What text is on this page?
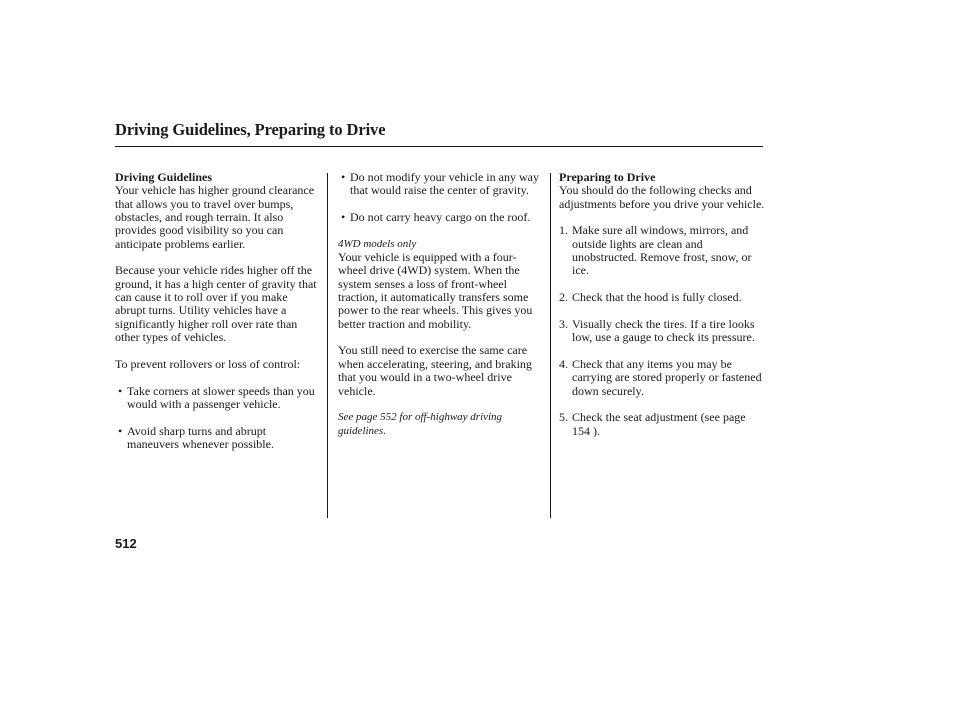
Driving Guidelines, Preparing to Drive
Driving Guidelines

Your vehicle has higher ground clearance that allows you to travel over bumps, obstacles, and rough terrain. It also provides good visibility so you can anticipate problems earlier.

Because your vehicle rides higher off the ground, it has a high center of gravity that can cause it to roll over if you make abrupt turns. Utility vehicles have a significantly higher roll over rate than other types of vehicles.

To prevent rollovers or loss of control:

• Take corners at slower speeds than you would with a passenger vehicle.
• Avoid sharp turns and abrupt maneuvers whenever possible.
• Do not modify your vehicle in any way that would raise the center of gravity.
• Do not carry heavy cargo on the roof.
4WD models only

Your vehicle is equipped with a four-wheel drive (4WD) system. When the system senses a loss of front-wheel traction, it automatically transfers some power to the rear wheels. This gives you better traction and mobility.

You still need to exercise the same care when accelerating, steering, and braking that you would in a two-wheel drive vehicle.

See page 552 for off-highway driving guidelines.

Preparing to Drive

You should do the following checks and adjustments before you drive your vehicle.

1. Make sure all windows, mirrors, and outside lights are clean and unobstructed. Remove frost, snow, or ice.
2. Check that the hood is fully closed.
3. Visually check the tires. If a tire looks low, use a gauge to check its pressure.
4. Check that any items you may be carrying are stored properly or fastened down securely.
5. Check the seat adjustment (see page 154 ).
512
